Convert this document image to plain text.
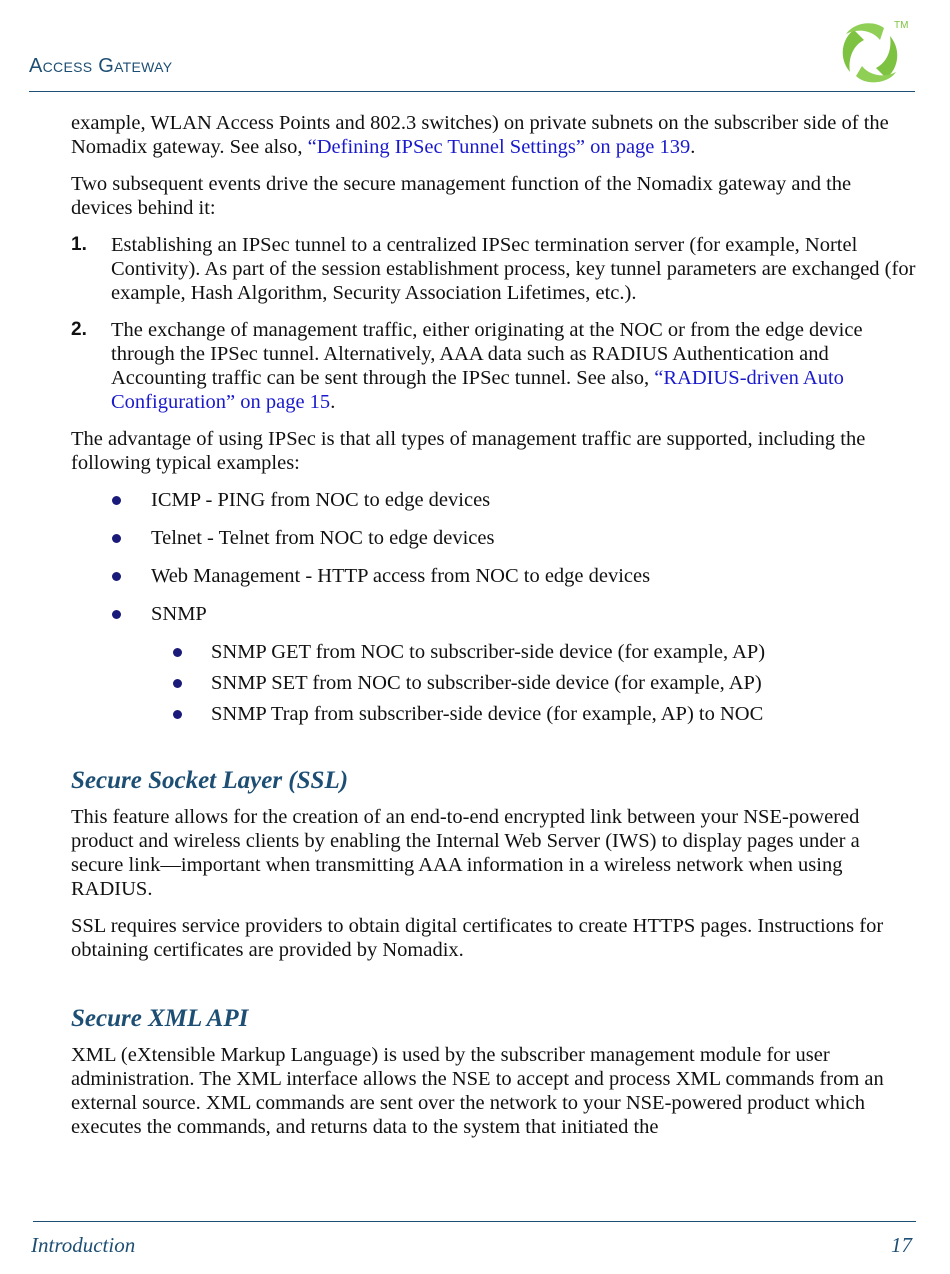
Access Gateway
TM

example, WLAN Access Points and 802.3 switches) on private subnets on the subscriber side of the Nomadix gateway. See also, “Defining IPSec Tunnel Settings” on page 139.

Two subsequent events drive the secure management function of the Nomadix gateway and the devices behind it:

1. Establishing an IPSec tunnel to a centralized IPSec termination server (for example, Nortel Contivity). As part of the session establishment process, key tunnel parameters are exchanged (for example, Hash Algorithm, Security Association Lifetimes, etc.).
2. The exchange of management traffic, either originating at the NOC or from the edge device through the IPSec tunnel. Alternatively, AAA data such as RADIUS Authentication and Accounting traffic can be sent through the IPSec tunnel. See also, “RADIUS-driven Auto Configuration” on page 15.

The advantage of using IPSec is that all types of management traffic are supported, including the following typical examples:

ICMP - PING from NOC to edge devices
Telnet - Telnet from NOC to edge devices
Web Management - HTTP access from NOC to edge devices
SNMP
SNMP GET from NOC to subscriber-side device (for example, AP)
SNMP SET from NOC to subscriber-side device (for example, AP)
SNMP Trap from subscriber-side device (for example, AP) to NOC
Secure Socket Layer (SSL)

This feature allows for the creation of an end-to-end encrypted link between your NSE-powered product and wireless clients by enabling the Internal Web Server (IWS) to display pages under a secure link—important when transmitting AAA information in a wireless network when using RADIUS.

SSL requires service providers to obtain digital certificates to create HTTPS pages. Instructions for obtaining certificates are provided by Nomadix.

Secure XML API

XML (eXtensible Markup Language) is used by the subscriber management module for user administration. The XML interface allows the NSE to accept and process XML commands from an external source. XML commands are sent over the network to your NSE-powered product which executes the commands, and returns data to the system that initiated the

Introduction	17
